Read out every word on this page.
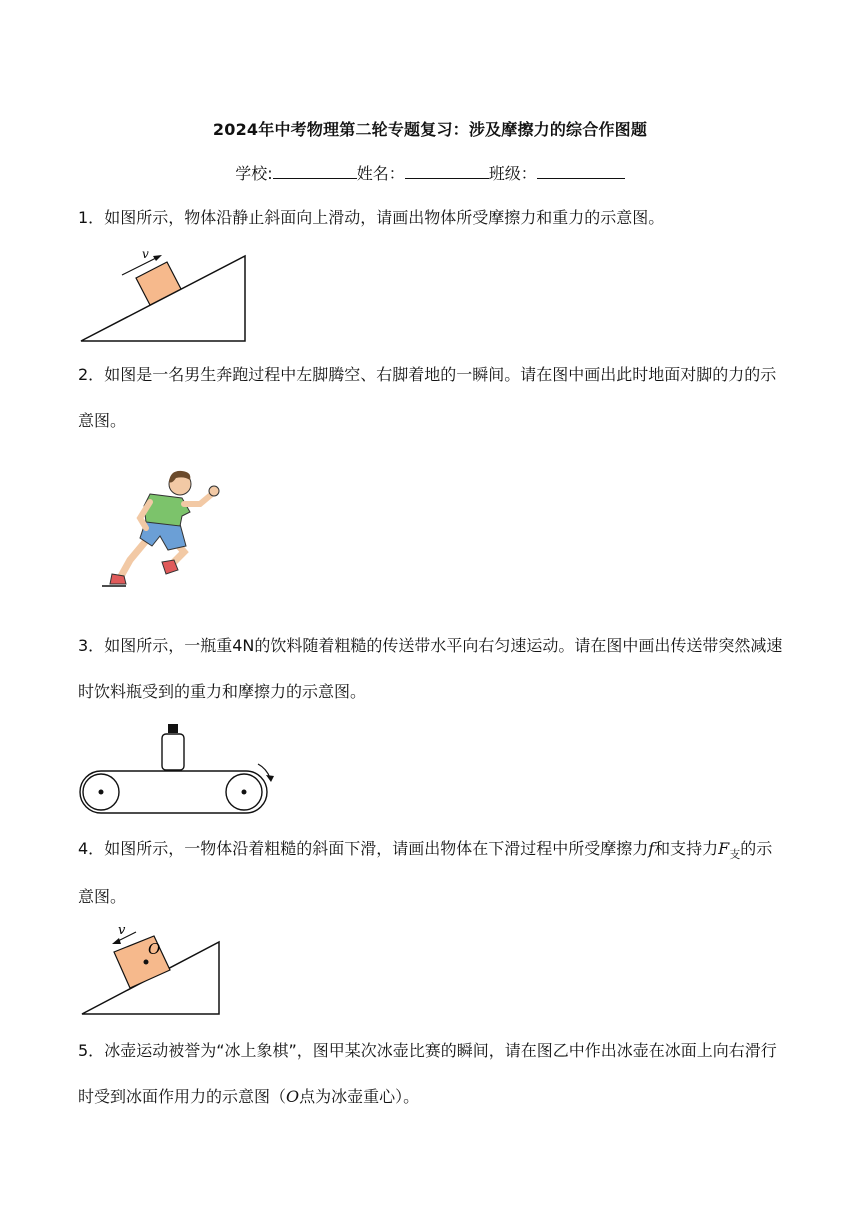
2024年中考物理第二轮专题复习：涉及摩擦力的综合作图题
学校:	姓名：	班级：

1．如图所示，物体沿静止斜面向上滑动，请画出物体所受摩擦力和重力的示意图。

v

2．如图是一名男生奔跑过程中左脚腾空、右脚着地的一瞬间。请在图中画出此时地面对脚的力的示意图。

3．如图所示，一瓶重4N的饮料随着粗糙的传送带水平向右匀速运动。请在图中画出传送带突然减速时饮料瓶受到的重力和摩擦力的示意图。

4．如图所示，一物体沿着粗糙的斜面下滑，请画出物体在下滑过程中所受摩擦力f和支持力$F_支$的示意图。

O
v

5．冰壶运动被誉为“冰上象棋”，图甲某次冰壶比赛的瞬间，请在图乙中作出冰壶在冰面上向右滑行时受到冰面作用力的示意图（O点为冰壶重心）。
